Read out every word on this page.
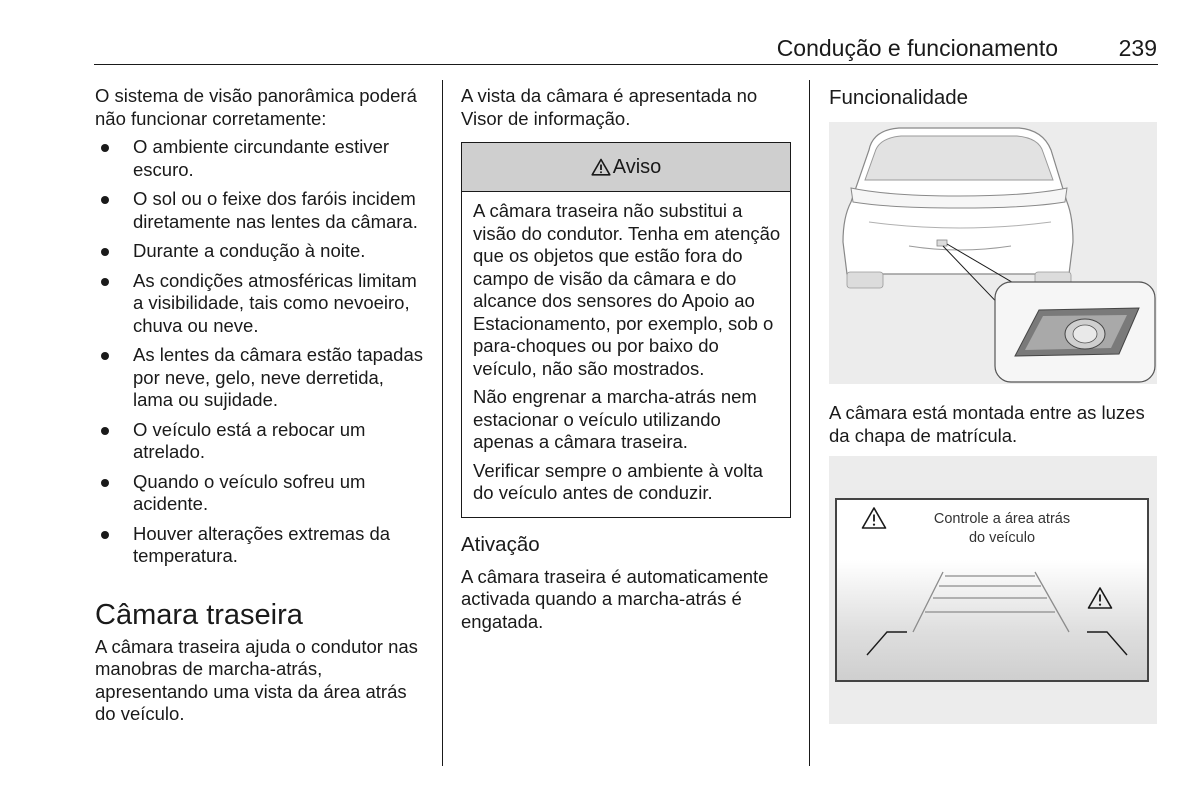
Condução e funcionamento	239

O sistema de visão panorâmica poderá não funcionar corretamente:

O ambiente circundante estiver escuro.
O sol ou o feixe dos faróis incidem diretamente nas lentes da câmara.
Durante a condução à noite.
As condições atmosféricas limitam a visibilidade, tais como nevoeiro, chuva ou neve.
As lentes da câmara estão tapadas por neve, gelo, neve derretida, lama ou sujidade.
O veículo está a rebocar um atrelado.
Quando o veículo sofreu um acidente.
Houver alterações extremas da temperatura.
Câmara traseira

A câmara traseira ajuda o condutor nas manobras de marcha-atrás, apresentando uma vista da área atrás do veículo.

A vista da câmara é apresentada no Visor de informação.

Aviso

A câmara traseira não substitui a visão do condutor. Tenha em atenção que os objetos que estão fora do campo de visão da câmara e do alcance dos sensores do Apoio ao Estacionamento, por exemplo, sob o para-choques ou por baixo do veículo, não são mostrados.

Não engrenar a marcha-atrás nem estacionar o veículo utilizando apenas a câmara traseira.

Verificar sempre o ambiente à volta do veículo antes de conduzir.

Ativação

A câmara traseira é automaticamente activada quando a marcha-atrás é engatada.

Funcionalidade

A câmara está montada entre as luzes da chapa de matrícula.

Controle a área atrás
do veículo
